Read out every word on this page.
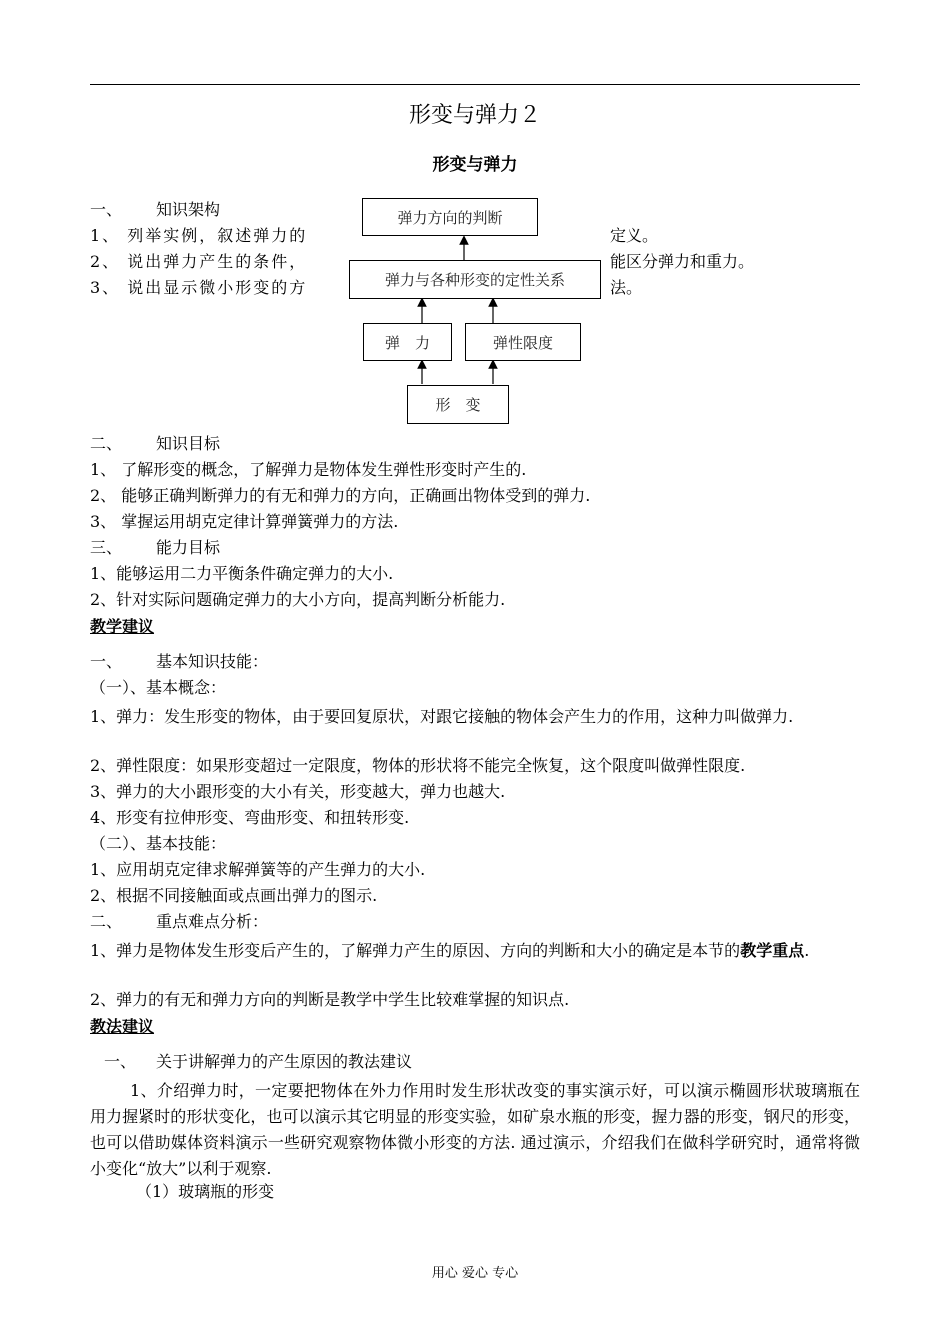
形变与弹力２
形变与弹力
一、 知识架构
1、 列举实例，叙述弹力的
2、 说出弹力产生的条件，
3、 说出显示微小形变的方
定义。
能区分弹力和重力。
法。
弹力方向的判断
弹力与各种形变的定性关系
弹　力	弹性限度
形　变
二、 知识目标
1、 了解形变的概念，了解弹力是物体发生弹性形变时产生的.
2、 能够正确判断弹力的有无和弹力的方向，正确画出物体受到的弹力.
3、 掌握运用胡克定律计算弹簧弹力的方法.
三、 能力目标
1、能够运用二力平衡条件确定弹力的大小.
2、针对实际问题确定弹力的大小方向，提高判断分析能力.
教学建议
一、 基本知识技能：
（一）、基本概念：
1、弹力：发生形变的物体，由于要回复原状，对跟它接触的物体会产生力的作用，这种力叫做弹力.
2、弹性限度：如果形变超过一定限度，物体的形状将不能完全恢复，这个限度叫做弹性限度.
3、弹力的大小跟形变的大小有关，形变越大，弹力也越大.
4、形变有拉伸形变、弯曲形变、和扭转形变.
（二）、基本技能：
1、应用胡克定律求解弹簧等的产生弹力的大小.
2、根据不同接触面或点画出弹力的图示.
二、 重点难点分析：
1、弹力是物体发生形变后产生的，了解弹力产生的原因、方向的判断和大小的确定是本节的教学重点.
2、弹力的有无和弹力方向的判断是教学中学生比较难掌握的知识点.
教法建议
一、 关于讲解弹力的产生原因的教法建议
1、介绍弹力时，一定要把物体在外力作用时发生形状改变的事实演示好，可以演示椭圆形状玻璃瓶在用力握紧时的形状变化，也可以演示其它明显的形变实验，如矿泉水瓶的形变，握力器的形变，钢尺的形变，也可以借助媒体资料演示一些研究观察物体微小形变的方法. 通过演示，介绍我们在做科学研究时，通常将微小变化“放大”以利于观察.
（1）玻璃瓶的形变
用心 爱心 专心
